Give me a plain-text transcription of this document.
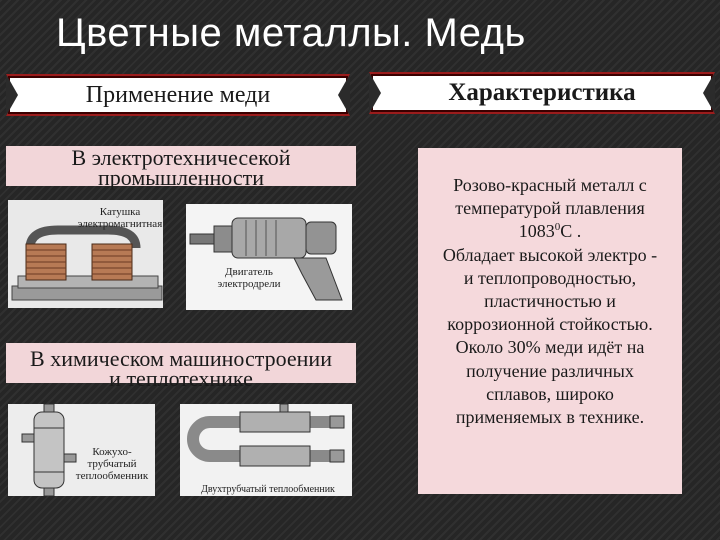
Цветные металлы. Медь
Применение меди	Характеристика
В электротехничесекой
промышленности
Катушка
электромагнитная
Двигатель
электродрели
В химическом машиностроении
и теплотехнике
Кожухо-
трубчатый
теплообменник
Двухтрубчатый теплообменник
Розово-красный металл с
температурой плавления
1083$^0$С .
Обладает высокой электро -
и теплопроводностью,
пластичностью и
коррозионной стойкостью.
Около 30% меди идёт на
получение различных
сплавов, широко
применяемых в технике.
